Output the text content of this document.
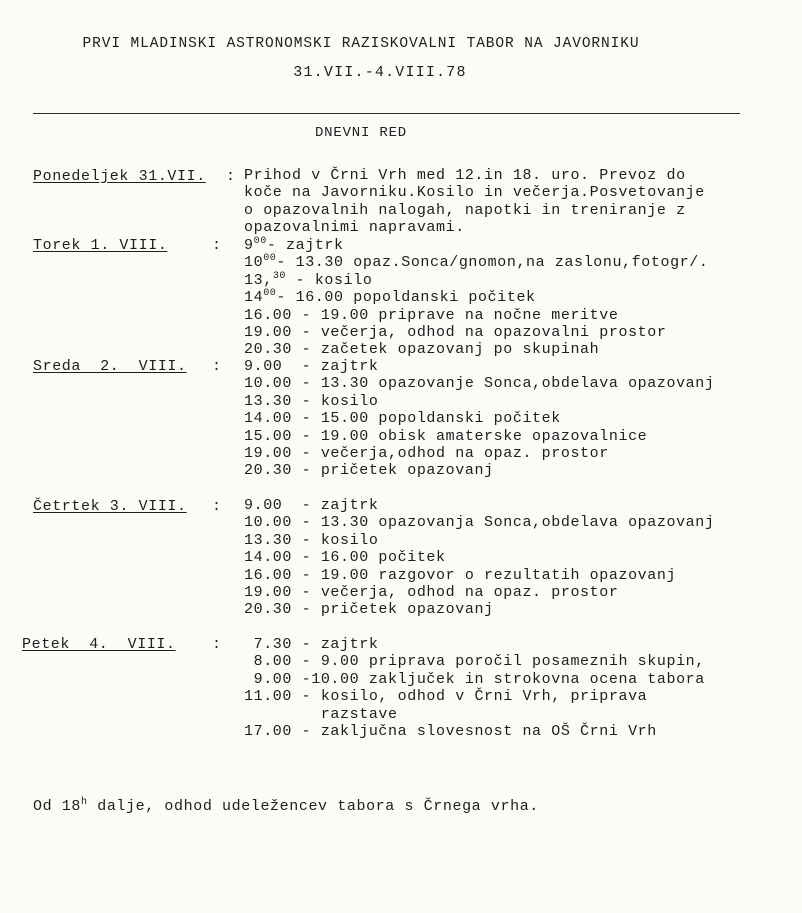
PRVI MLADINSKI ASTRONOMSKI RAZISKOVALNI TABOR NA JAVORNIKU
31.VII.-4.VIII.78
DNEVNI RED
Ponedeljek 31.VII. : Prihod v Črni Vrh med 12.in 18. uro. Prevoz do
koče na Javorniku.Kosilo in večerja.Posvetovanje
o opazovalnih nalogah, napotki in treniranje z
opazovalnimi napravami.
Torek 1. VIII.	: $9^{00}-$ zajtrk
$10^{00}-$ 13.30 opaz.Sonca/gnomon,na zaslonu,fotogr/.
13,30 - kosilo
$14^{00}-$ 16.00 popoldanski počitek
16.00 - 19.00 priprave na nočne meritve
19.00 - večerja, odhod na opazovalni prostor
20.30 - začetek opazovanj po skupinah
Sreda  2.  VIII. : 9.00  - zajtrk
10.00 - 13.30 opazovanje Sonca,obdelava opazovanj
13.30 - kosilo
14.00 - 15.00 popoldanski počitek
15.00 - 19.00 obisk amaterske opazovalnice
19.00 - večerja,odhod na opaz. prostor
20.30 - pričetek opazovanj
Četrtek 3. VIII. : 9.00  - zajtrk
10.00 - 13.30 opazovanja Sonca,obdelava opazovanj
13.30 - kosilo
14.00 - 16.00 počitek
16.00 - 19.00 razgovor o rezultatih opazovanj
19.00 - večerja, odhod na opaz. prostor
20.30 - pričetek opazovanj
Petek  4.  VIII. : 7.30 - zajtrk
8.00 - 9.00 priprava poročil posameznih skupin,
9.00 -10.00 zaključek in strokovna ocena tabora
11.00 - kosilo, odhod v Črni Vrh, priprava
razstave
17.00 - zaključna slovesnost na OŠ Črni Vrh
Od 18$^h$ dalje, odhod udeležencev tabora s Črnega vrha.
